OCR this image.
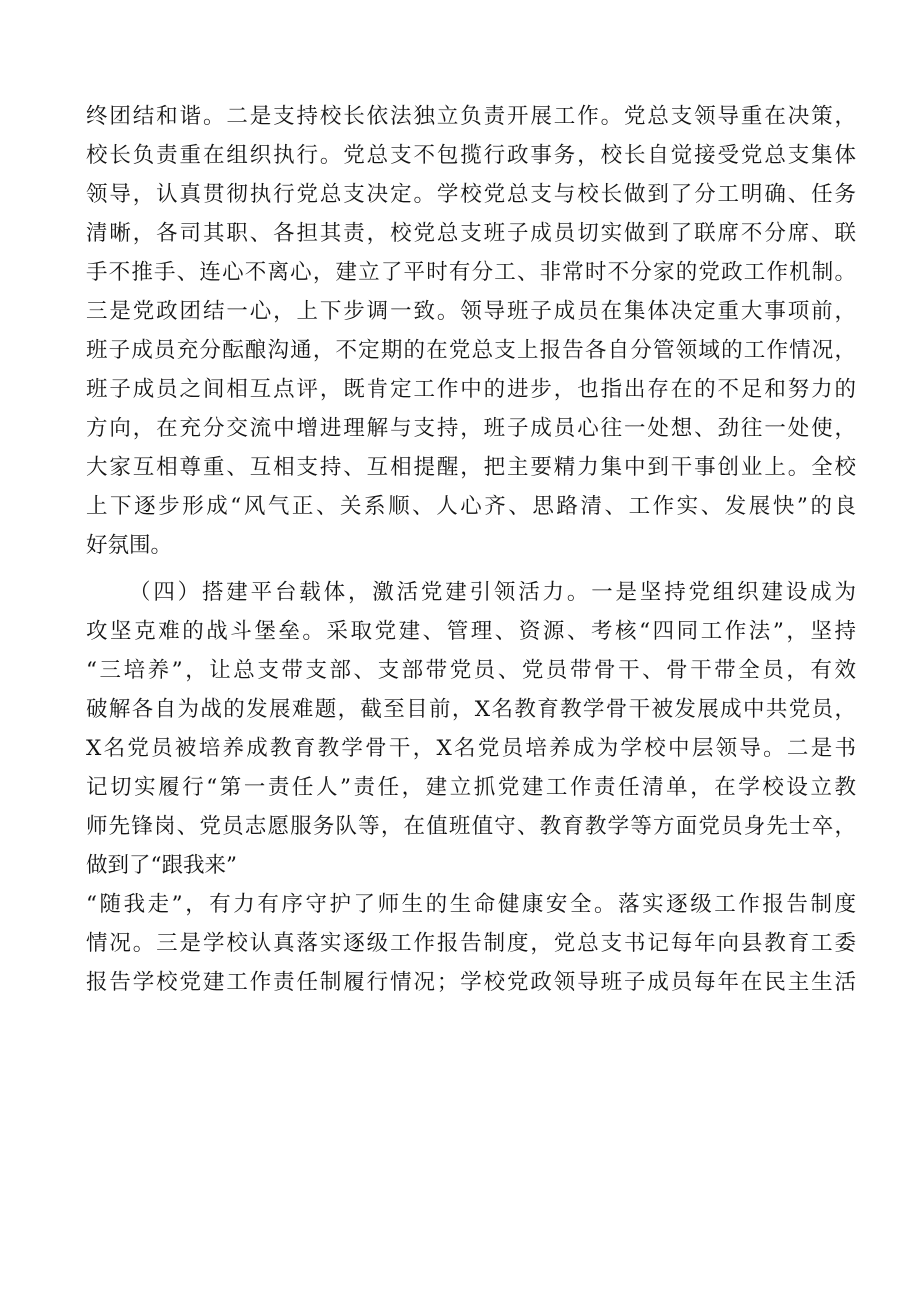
终团结和谐。二是支持校长依法独立负责开展工作。党总支领导重在决策，
校长负责重在组织执行。党总支不包揽行政事务，校长自觉接受党总支集体
领导，认真贯彻执行党总支决定。学校党总支与校长做到了分工明确、任务
清晰，各司其职、各担其责，校党总支班子成员切实做到了联席不分席、联
手不推手、连心不离心，建立了平时有分工、非常时不分家的党政工作机制。
三是党政团结一心，上下步调一致。领导班子成员在集体决定重大事项前，
班子成员充分酝酿沟通，不定期的在党总支上报告各自分管领域的工作情况，
班子成员之间相互点评，既肯定工作中的进步，也指出存在的不足和努力的
方向，在充分交流中增进理解与支持，班子成员心往一处想、劲往一处使，
大家互相尊重、互相支持、互相提醒，把主要精力集中到干事创业上。全校
上下逐步形成“风气正、关系顺、人心齐、思路清、工作实、发展快”的良
好氛围。
（四）搭建平台载体，激活党建引领活力。一是坚持党组织建设成为
攻坚克难的战斗堡垒。采取党建、管理、资源、考核“四同工作法”，坚持
“三培养”，让总支带支部、支部带党员、党员带骨干、骨干带全员，有效
破解各自为战的发展难题，截至目前，X名教育教学骨干被发展成中共党员，
X名党员被培养成教育教学骨干，X名党员培养成为学校中层领导。二是书
记切实履行“第一责任人”责任，建立抓党建工作责任清单，在学校设立教
师先锋岗、党员志愿服务队等，在值班值守、教育教学等方面党员身先士卒，
做到了“跟我来”
“随我走”，有力有序守护了师生的生命健康安全。落实逐级工作报告制度
情况。三是学校认真落实逐级工作报告制度，党总支书记每年向县教育工委
报告学校党建工作责任制履行情况；学校党政领导班子成员每年在民主生活
